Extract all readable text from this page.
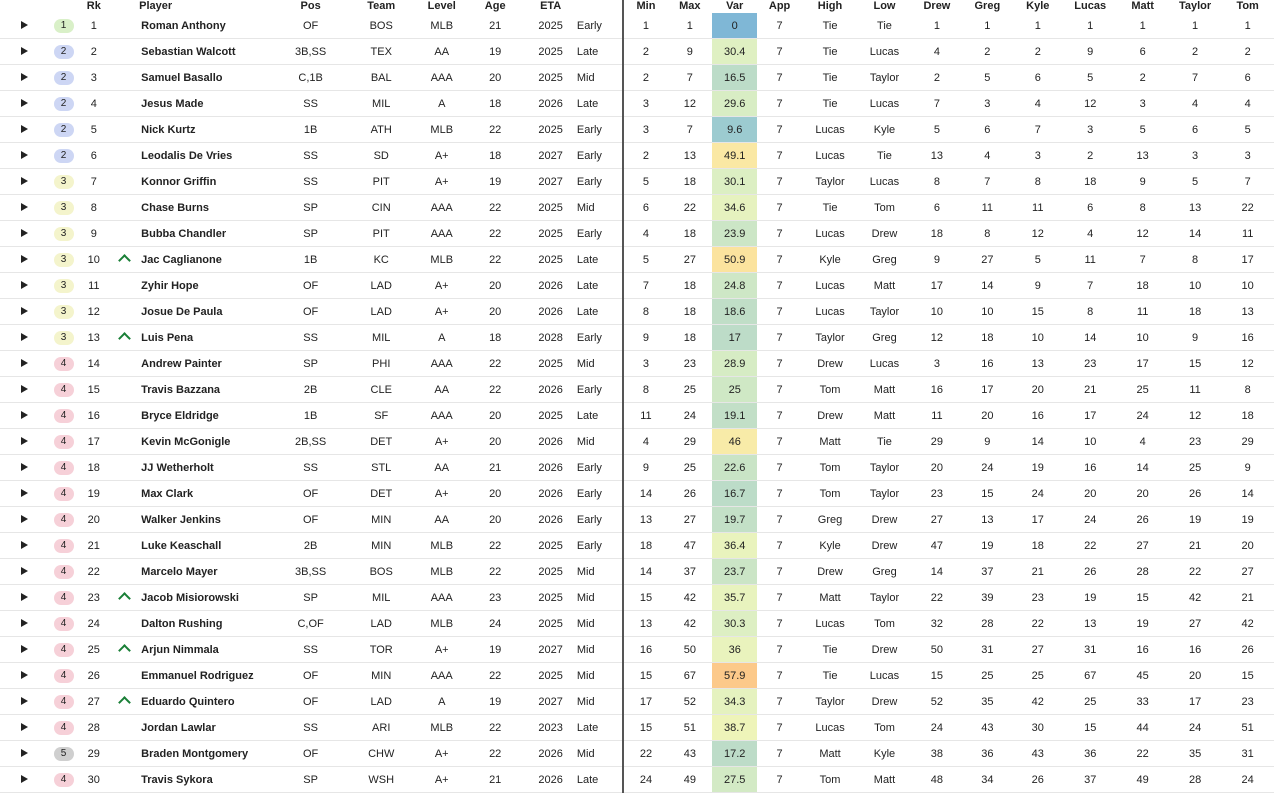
		Rk		Player	Pos	Team	Level	Age	ETA		Min	Max	Var	App	High	Low	Drew	Greg	Kyle	Lucas	Matt	Taylor	Tom
	1	1		Roman Anthony	OF	BOS	MLB	21	2025	Early	1	1	0	7	Tie	Tie	1	1	1	1	1	1	1
	2	2		Sebastian Walcott	3B,SS	TEX	AA	19	2025	Late	2	9	30.4	7	Tie	Lucas	4	2	2	9	6	2	2
	2	3		Samuel Basallo	C,1B	BAL	AAA	20	2025	Mid	2	7	16.5	7	Tie	Taylor	2	5	6	5	2	7	6
	2	4		Jesus Made	SS	MIL	A	18	2026	Late	3	12	29.6	7	Tie	Lucas	7	3	4	12	3	4	4
	2	5		Nick Kurtz	1B	ATH	MLB	22	2025	Early	3	7	9.6	7	Lucas	Kyle	5	6	7	3	5	6	5
	2	6		Leodalis De Vries	SS	SD	A+	18	2027	Early	2	13	49.1	7	Lucas	Tie	13	4	3	2	13	3	3
	3	7		Konnor Griffin	SS	PIT	A+	19	2027	Early	5	18	30.1	7	Taylor	Lucas	8	7	8	18	9	5	7
	3	8		Chase Burns	SP	CIN	AAA	22	2025	Mid	6	22	34.6	7	Tie	Tom	6	11	11	6	8	13	22
	3	9		Bubba Chandler	SP	PIT	AAA	22	2025	Early	4	18	23.9	7	Lucas	Drew	18	8	12	4	12	14	11
	3	10		Jac Caglianone	1B	KC	MLB	22	2025	Late	5	27	50.9	7	Kyle	Greg	9	27	5	11	7	8	17
	3	11		Zyhir Hope	OF	LAD	A+	20	2026	Late	7	18	24.8	7	Lucas	Matt	17	14	9	7	18	10	10
	3	12		Josue De Paula	OF	LAD	A+	20	2026	Late	8	18	18.6	7	Lucas	Taylor	10	10	15	8	11	18	13
	3	13		Luis Pena	SS	MIL	A	18	2028	Early	9	18	17	7	Taylor	Greg	12	18	10	14	10	9	16
	4	14		Andrew Painter	SP	PHI	AAA	22	2025	Mid	3	23	28.9	7	Drew	Lucas	3	16	13	23	17	15	12
	4	15		Travis Bazzana	2B	CLE	AA	22	2026	Early	8	25	25	7	Tom	Matt	16	17	20	21	25	11	8
	4	16		Bryce Eldridge	1B	SF	AAA	20	2025	Late	11	24	19.1	7	Drew	Matt	11	20	16	17	24	12	18
	4	17		Kevin McGonigle	2B,SS	DET	A+	20	2026	Mid	4	29	46	7	Matt	Tie	29	9	14	10	4	23	29
	4	18		JJ Wetherholt	SS	STL	AA	21	2026	Early	9	25	22.6	7	Tom	Taylor	20	24	19	16	14	25	9
	4	19		Max Clark	OF	DET	A+	20	2026	Early	14	26	16.7	7	Tom	Taylor	23	15	24	20	20	26	14
	4	20		Walker Jenkins	OF	MIN	AA	20	2026	Early	13	27	19.7	7	Greg	Drew	27	13	17	24	26	19	19
	4	21		Luke Keaschall	2B	MIN	MLB	22	2025	Early	18	47	36.4	7	Kyle	Drew	47	19	18	22	27	21	20
	4	22		Marcelo Mayer	3B,SS	BOS	MLB	22	2025	Mid	14	37	23.7	7	Drew	Greg	14	37	21	26	28	22	27
	4	23		Jacob Misiorowski	SP	MIL	AAA	23	2025	Mid	15	42	35.7	7	Matt	Taylor	22	39	23	19	15	42	21
	4	24		Dalton Rushing	C,OF	LAD	MLB	24	2025	Mid	13	42	30.3	7	Lucas	Tom	32	28	22	13	19	27	42
	4	25		Arjun Nimmala	SS	TOR	A+	19	2027	Mid	16	50	36	7	Tie	Drew	50	31	27	31	16	16	26
	4	26		Emmanuel Rodriguez	OF	MIN	AAA	22	2025	Mid	15	67	57.9	7	Tie	Lucas	15	25	25	67	45	20	15
	4	27		Eduardo Quintero	OF	LAD	A	19	2027	Mid	17	52	34.3	7	Taylor	Drew	52	35	42	25	33	17	23
	4	28		Jordan Lawlar	SS	ARI	MLB	22	2023	Late	15	51	38.7	7	Lucas	Tom	24	43	30	15	44	24	51
	5	29		Braden Montgomery	OF	CHW	A+	22	2026	Mid	22	43	17.2	7	Matt	Kyle	38	36	43	36	22	35	31
	4	30		Travis Sykora	SP	WSH	A+	21	2026	Late	24	49	27.5	7	Tom	Matt	48	34	26	37	49	28	24
